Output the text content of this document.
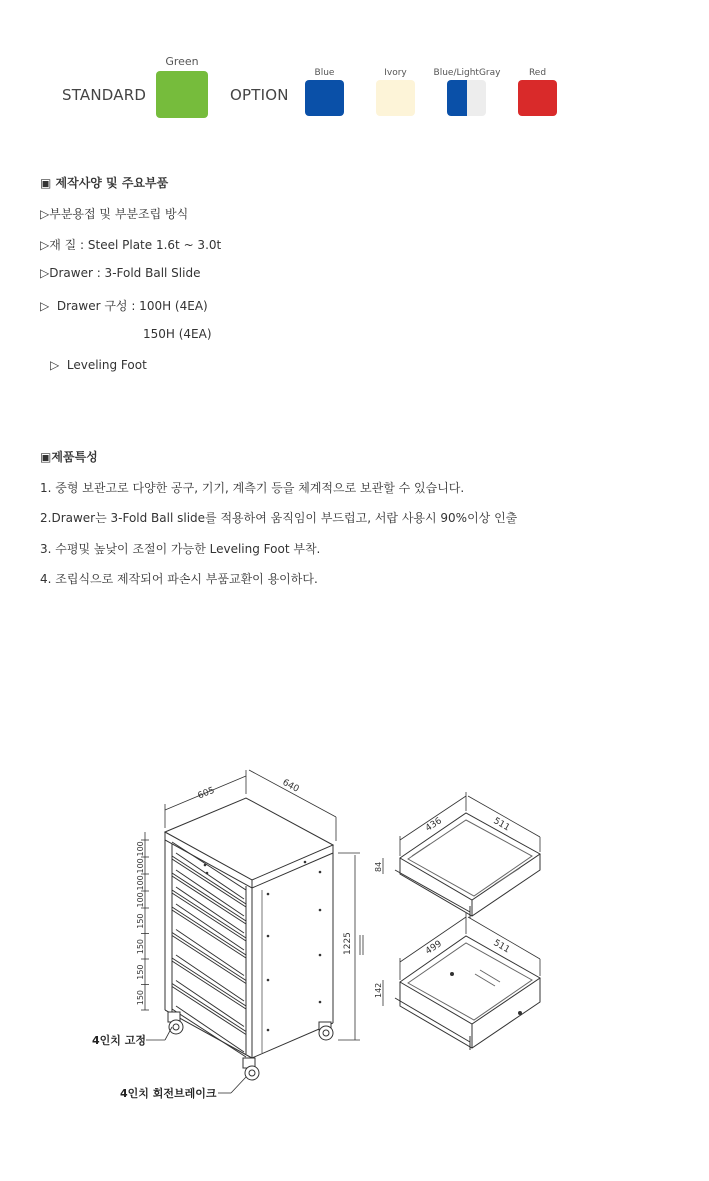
STANDARD
Green
OPTION
Blue	Ivory	Blue/LightGray	Red
▣ 제작사양 및 주요부품
▷부분용접 및 부분조립 방식
▷재 질 : Steel Plate 1.6t ~ 3.0t
▷Drawer : 3-Fold Ball Slide
▷  Drawer 구성 : 100H (4EA)
150H (4EA)
▷  Leveling Foot
▣제품특성
1. 중형 보관고로 다양한 공구, 기기, 계측기 등을 체계적으로 보관할 수 있습니다.
2.Drawer는 3-Fold Ball slide를 적용하여 움직임이 부드럽고, 서랍 사용시 90%이상 인출
3. 수평및 높낮이 조절이 가능한 Leveling Foot 부착.
4. 조립식으로 제작되어 파손시 부품교환이 용이하다.
100
100
100
100
150
150
150
150
605	640
1225
4인치 고정
4인치 회전브레이크
436	511
84
499	511
142
